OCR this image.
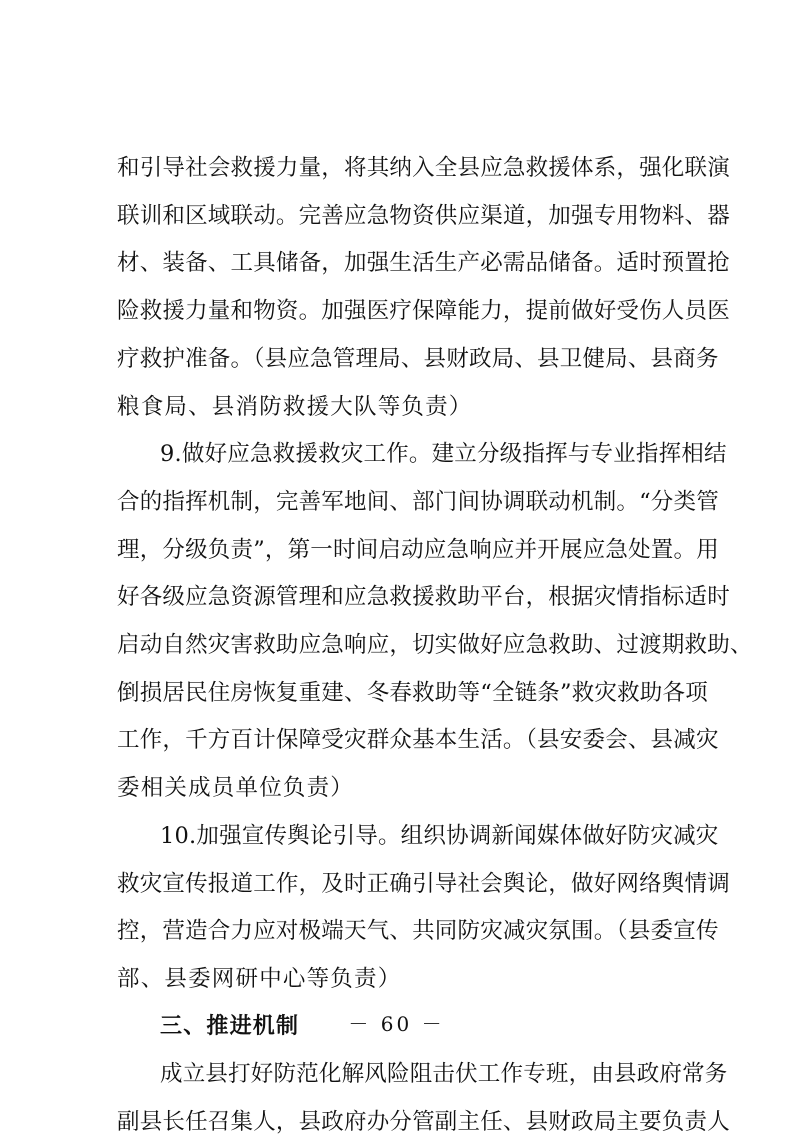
和引导社会救援力量，将其纳入全县应急救援体系，强化联演
联训和区域联动。完善应急物资供应渠道，加强专用物料、器
材、装备、工具储备，加强生活生产必需品储备。适时预置抢
险救援力量和物资。加强医疗保障能力，提前做好受伤人员医
疗救护准备。（县应急管理局、县财政局、县卫健局、县商务
粮食局、县消防救援大队等负责）
9.做好应急救援救灾工作。建立分级指挥与专业指挥相结
合的指挥机制，完善军地间、部门间协调联动机制。“分类管
理，分级负责”，第一时间启动应急响应并开展应急处置。用
好各级应急资源管理和应急救援救助平台，根据灾情指标适时
启动自然灾害救助应急响应，切实做好应急救助、过渡期救助、
倒损居民住房恢复重建、冬春救助等“全链条”救灾救助各项
工作，千方百计保障受灾群众基本生活。（县安委会、县减灾
委相关成员单位负责）
10.加强宣传舆论引导。组织协调新闻媒体做好防灾减灾
救灾宣传报道工作，及时正确引导社会舆论，做好网络舆情调
控，营造合力应对极端天气、共同防灾减灾氛围。（县委宣传
部、县委网研中心等负责）
三、推进机制
成立县打好防范化解风险阻击伏工作专班，由县政府常务
副县长任召集人，县政府办分管副主任、县财政局主要负责人
－ 60 －
